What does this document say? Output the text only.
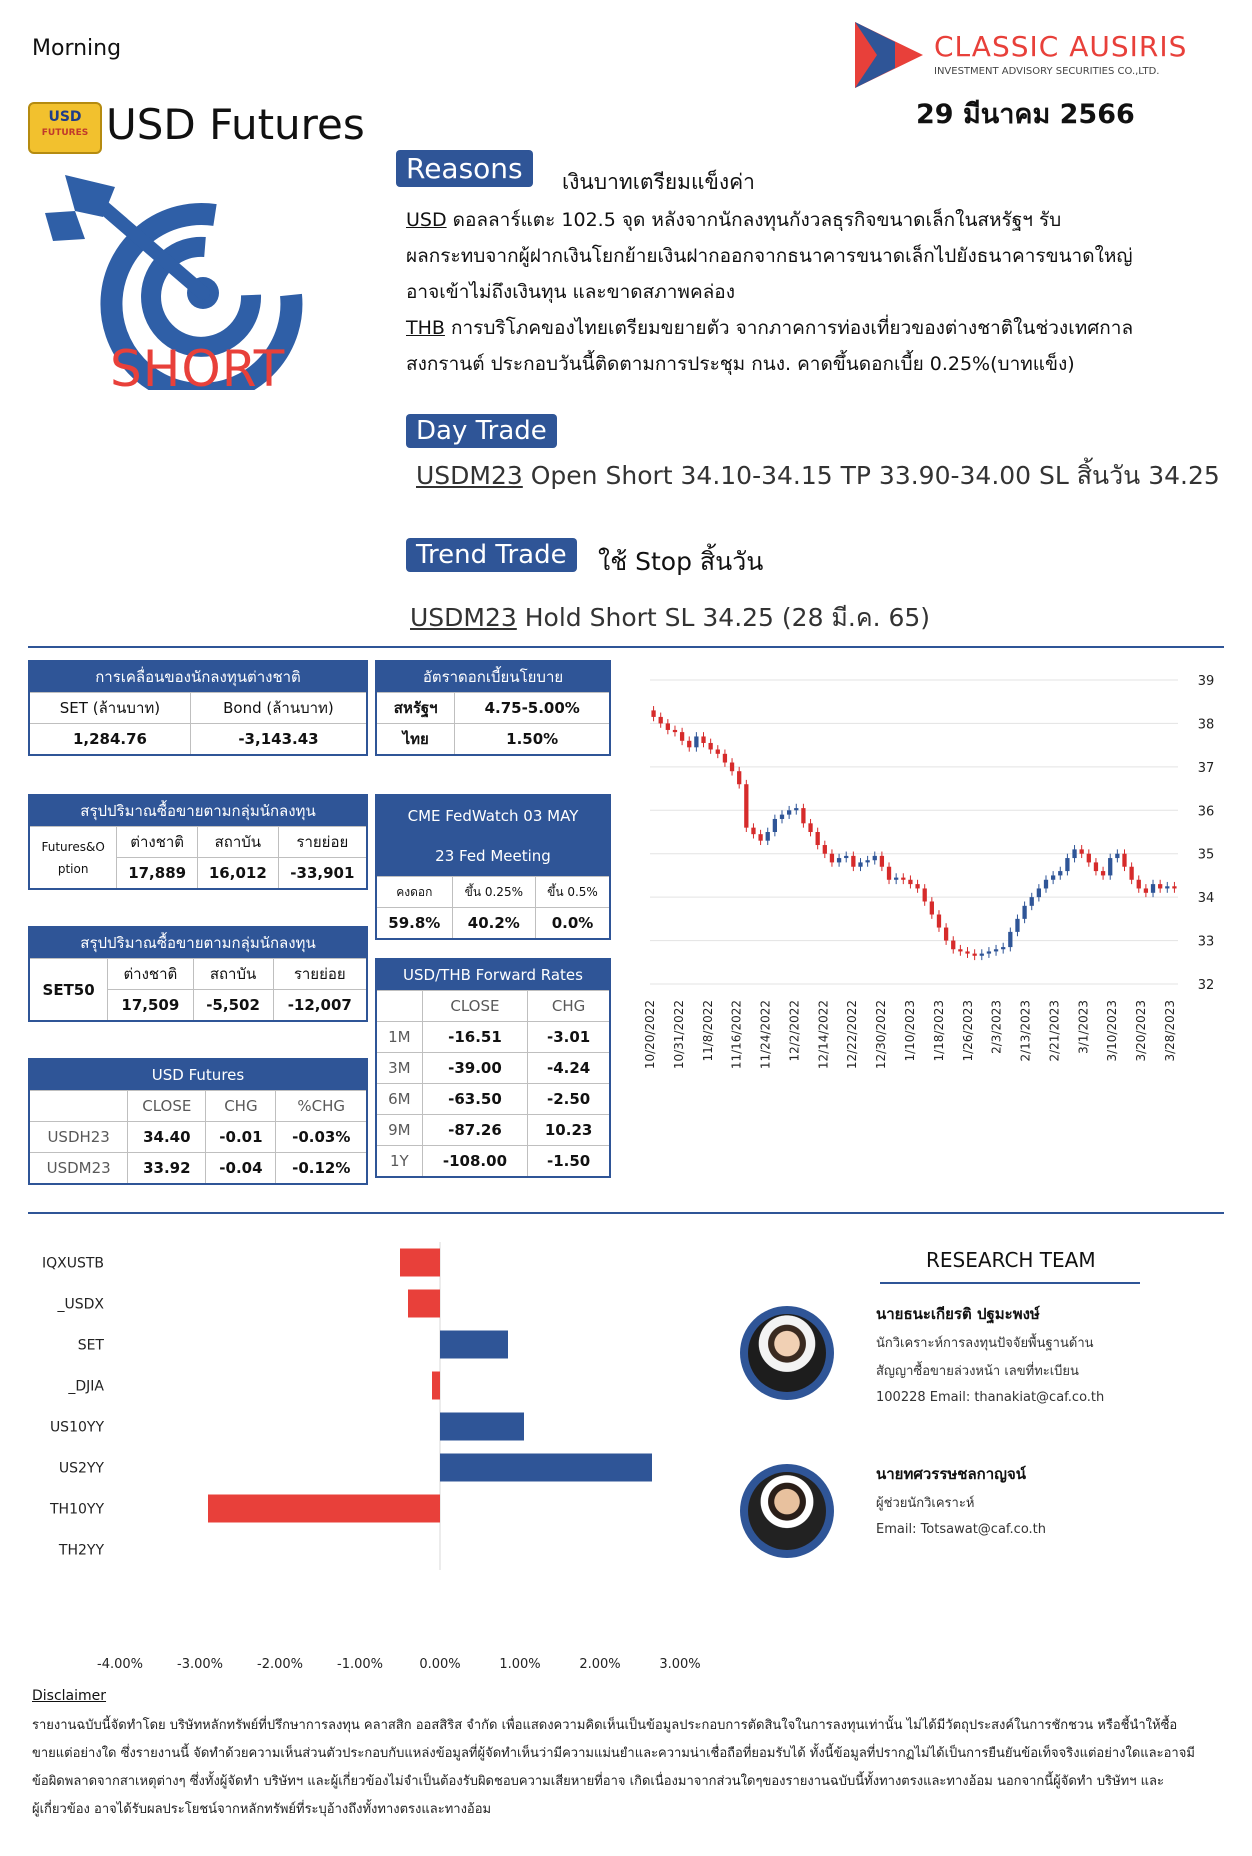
Morning
USD
FUTURES USD Futures
CLASSIC AUSIRIS
INVESTMENT ADVISORY SECURITIES CO.,LTD.
29 มีนาคม 2566
SHORT
Reasons	เงินบาทเตรียมแข็งค่า
USD ดอลลาร์แตะ 102.5 จุด หลังจากนักลงทุนกังวลธุรกิจขนาดเล็กในสหรัฐฯ รับ
ผลกระทบจากผู้ฝากเงินโยกย้ายเงินฝากออกจากธนาคารขนาดเล็กไปยังธนาคารขนาดใหญ่
อาจเข้าไม่ถึงเงินทุน และขาดสภาพคล่อง
THB การบริโภคของไทยเตรียมขยายตัว จากภาคการท่องเที่ยวของต่างชาติในช่วงเทศกาล
สงกรานต์ ประกอบวันนี้ติดตามการประชุม กนง. คาดขึ้นดอกเบี้ย 0.25%(บาทแข็ง)
Day Trade
USDM23 Open Short 34.10-34.15 TP 33.90-34.00 SL สิ้นวัน 34.25
Trend Trade	ใช้ Stop สิ้นวัน
USDM23 Hold Short SL 34.25 (28 มี.ค. 65)
การเคลื่อนของนักลงทุนต่างชาติ	
SET (ล้านบาท)	Bond (ล้านบาท)
1,284.76	-3,143.43
อัตราดอกเบี้ยนโยบาย	
สหรัฐฯ	4.75-5.00%
ไทย	1.50%
สรุปปริมาณซื้อขายตามกลุ่มนักลงทุน			

Futures&O
ption	ต่างชาติ	สถาบัน	รายย่อย
	17,889	16,012	-33,901
CME FedWatch 03 MAY
23 Fed Meeting		

คงดอก	ขึ้น 0.25%	ขึ้น 0.5%
59.8%	40.2%	0.0%
สรุปปริมาณซื้อขายตามกลุ่มนักลงทุน			
SET50	ต่างชาติ	สถาบัน	รายย่อย
	17,509	-5,502	-12,007
USD/THB Forward Rates		
	CLOSE	CHG
1M	-16.51	-3.01
3M	-39.00	-4.24
6M	-63.50	-2.50
9M	-87.26	10.23
1Y	-108.00	-1.50
USD Futures			
	CLOSE	CHG	%CHG
USDH23	34.40	-0.01	-0.03%
USDM23	33.92	-0.04	-0.12%
32
33
34
35
36
37
38
39
10/20/2022 10/31/2022 11/8/2022 11/16/2022 11/24/2022 12/2/2022 12/14/2022 12/22/2022 12/30/2022 1/10/2023 1/18/2023 1/26/2023 2/3/2023 2/13/2023 2/21/2023 3/1/2023 3/10/2023 3/20/2023 3/28/2023
IQXUSTB
_USDX
SET
_DJIA
US10YY
US2YY
TH10YY
TH2YY
-4.00%	-3.00%	-2.00%	-1.00%	0.00%	1.00%	2.00%	3.00%
RESEARCH TEAM
นายธนะเกียรติ ปฐมะพงษ์
นักวิเคราะห์การลงทุนปัจจัยพื้นฐานด้าน
สัญญาซื้อขายล่วงหน้า เลขที่ทะเบียน
100228 Email: thanakiat@caf.co.th
นายทศวรรษชลกาญจน์
ผู้ช่วยนักวิเคราะห์
Email: Totsawat@caf.co.th
Disclaimer
รายงานฉบับนี้จัดทำโดย บริษัทหลักทรัพย์ที่ปรึกษาการลงทุน คลาสสิก ออสสิริส จำกัด เพื่อแสดงความคิดเห็นเป็นข้อมูลประกอบการตัดสินใจในการลงทุนเท่านั้น ไม่ได้มีวัตถุประสงค์ในการชักชวน หรือชี้นำให้ซื้อ
ขายแต่อย่างใด ซึ่งรายงานนี้ จัดทำด้วยความเห็นส่วนตัวประกอบกับแหล่งข้อมูลที่ผู้จัดทำเห็นว่ามีความแม่นยำและความน่าเชื่อถือที่ยอมรับได้ ทั้งนี้ข้อมูลที่ปรากฏไม่ได้เป็นการยืนยันข้อเท็จจริงแต่อย่างใดและอาจมี
ข้อผิดพลาดจากสาเหตุต่างๆ ซึ่งทั้งผู้จัดทำ บริษัทฯ และผู้เกี่ยวข้องไม่จำเป็นต้องรับผิดชอบความเสียหายที่อาจ เกิดเนื่องมาจากส่วนใดๆของรายงานฉบับนี้ทั้งทางตรงและทางอ้อม นอกจากนี้ผู้จัดทำ บริษัทฯ และ
ผู้เกี่ยวข้อง อาจได้รับผลประโยชน์จากหลักทรัพย์ที่ระบุอ้างถึงทั้งทางตรงและทางอ้อม
